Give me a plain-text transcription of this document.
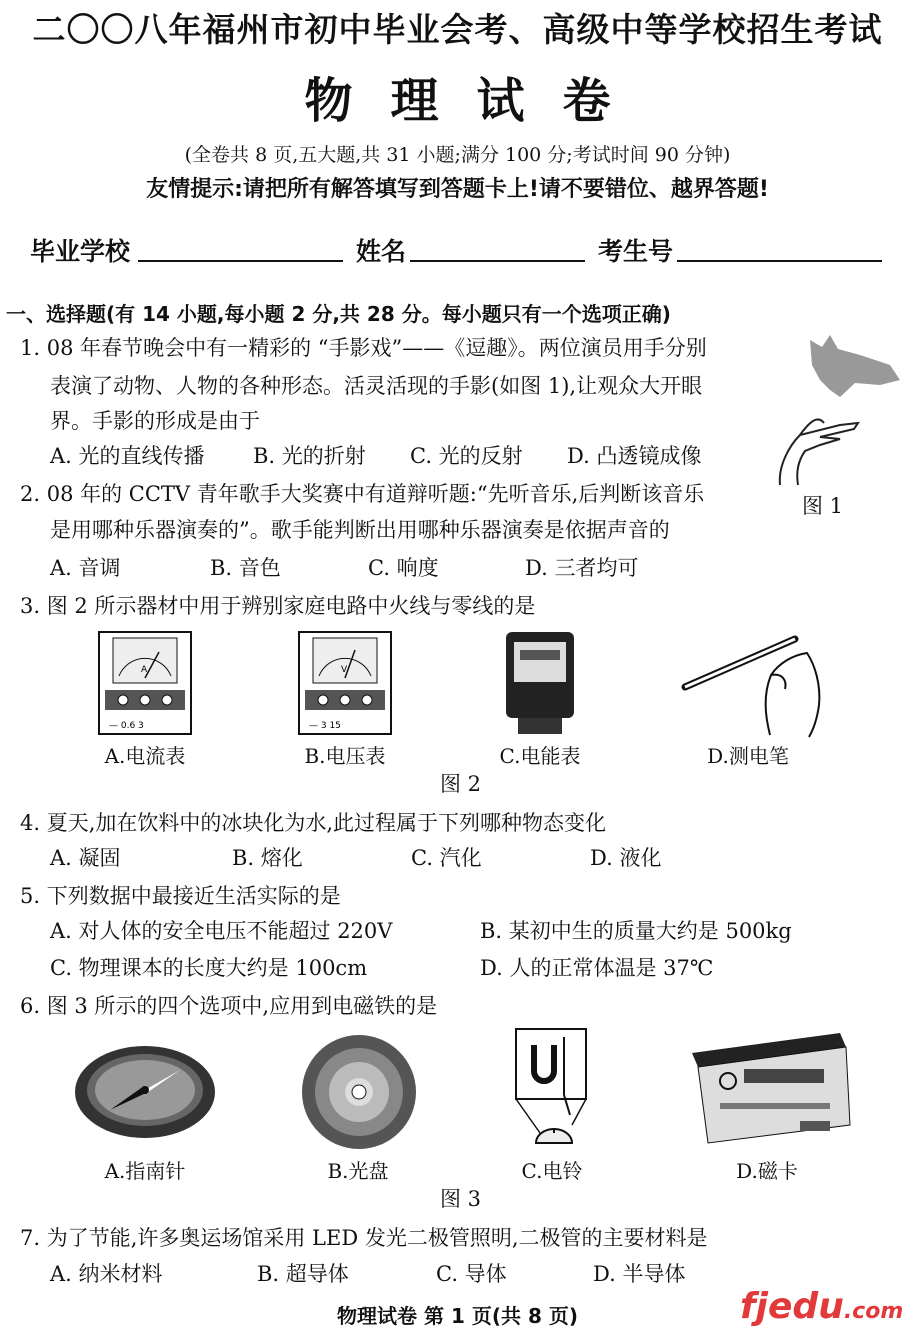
二〇〇八年福州市初中毕业会考、高级中等学校招生考试
物理试卷
(全卷共 8 页,五大题,共 31 小题;满分 100 分;考试时间 90 分钟)
友情提示:请把所有解答填写到答题卡上!请不要错位、越界答题!
毕业学校	姓名	考生号
一、选择题(有 14 小题,每小题 2 分,共 28 分。每小题只有一个选项正确)
1. 08 年春节晚会中有一精彩的 “手影戏”——《逗趣》。两位演员用手分别
表演了动物、人物的各种形态。活灵活现的手影(如图 1),让观众大开眼
界。手影的形成是由于
A. 光的直线传播 B. 光的折射 C. 光的反射 D. 凸透镜成像
图 1
2. 08 年的 CCTV 青年歌手大奖赛中有道辩听题:“先听音乐,后判断该音乐
是用哪种乐器演奏的”。歌手能判断出用哪种乐器演奏是依据声音的
A. 音调	B. 音色	C. 响度	D. 三者均可
3. 图 2 所示器材中用于辨别家庭电路中火线与零线的是
A
— 0.6 3
V
— 3 15
A.电流表	B.电压表	C.电能表	D.测电笔
图 2
4. 夏天,加在饮料中的冰块化为水,此过程属于下列哪种物态变化
A. 凝固	B. 熔化	C. 汽化	D. 液化
5. 下列数据中最接近生活实际的是
A. 对人体的安全电压不能超过 220V	B. 某初中生的质量大约是 500kg
C. 物理课本的长度大约是 100cm	D. 人的正常体温是 37℃
6. 图 3 所示的四个选项中,应用到电磁铁的是
A.指南针	B.光盘	C.电铃	D.磁卡
图 3
7. 为了节能,许多奥运场馆采用 LED 发光二极管照明,二极管的主要材料是
A. 纳米材料	B. 超导体	C. 导体	D. 半导体
物理试卷 第 1 页(共 8 页)	fjedu.com
